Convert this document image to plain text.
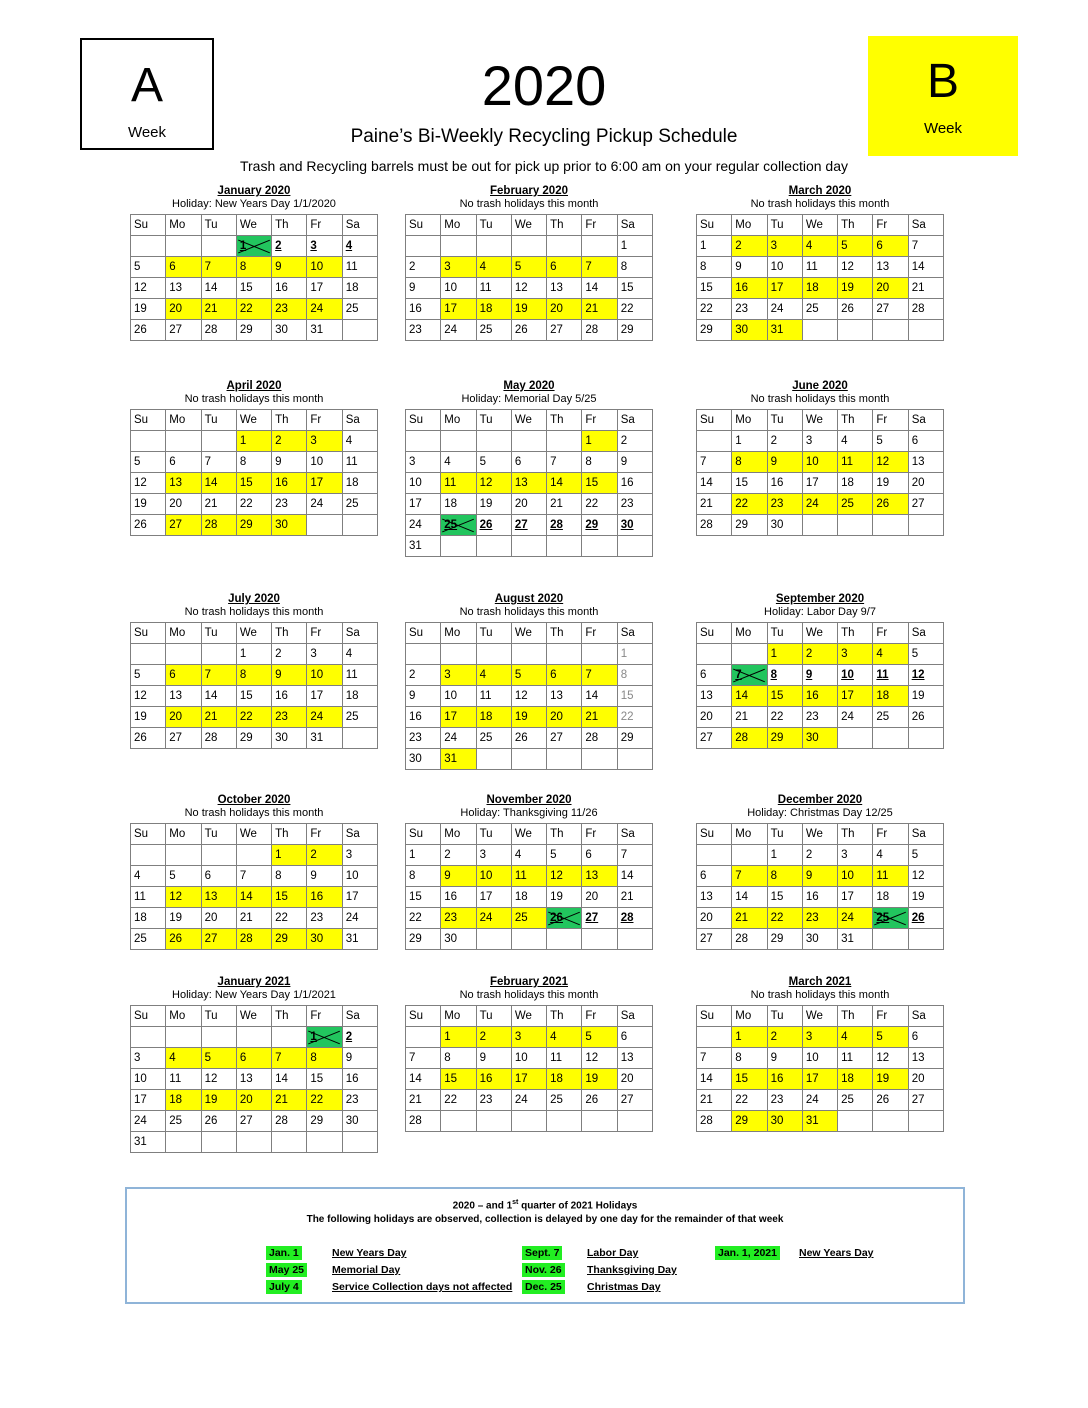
A
Week
2020	B
Week
Paine’s Bi-Weekly Recycling Pickup Schedule
Trash and Recycling barrels must be out for pick up prior to 6:00 am on your regular collection day
January 2020
Holiday: New Years Day 1/1/2020
Su	Mo	Tu	We	Th	Fr	Sa
			1	2	3	4
5	6	7	8	9	10	11
12	13	14	15	16	17	18
19	20	21	22	23	24	25
26	27	28	29	30	31	
February 2020
No trash holidays this month
Su	Mo	Tu	We	Th	Fr	Sa
						1
2	3	4	5	6	7	8
9	10	11	12	13	14	15
16	17	18	19	20	21	22
23	24	25	26	27	28	29
March 2020
No trash holidays this month
Su	Mo	Tu	We	Th	Fr	Sa
1	2	3	4	5	6	7
8	9	10	11	12	13	14
15	16	17	18	19	20	21
22	23	24	25	26	27	28
29	30	31				
April 2020
No trash holidays this month
Su	Mo	Tu	We	Th	Fr	Sa
			1	2	3	4
5	6	7	8	9	10	11
12	13	14	15	16	17	18
19	20	21	22	23	24	25
26	27	28	29	30		
May 2020
Holiday: Memorial Day 5/25
Su	Mo	Tu	We	Th	Fr	Sa
					1	2
3	4	5	6	7	8	9
10	11	12	13	14	15	16
17	18	19	20	21	22	23
24	25	26	27	28	29	30
31						
June 2020
No trash holidays this month
Su	Mo	Tu	We	Th	Fr	Sa
	1	2	3	4	5	6
7	8	9	10	11	12	13
14	15	16	17	18	19	20
21	22	23	24	25	26	27
28	29	30				
July 2020
No trash holidays this month
Su	Mo	Tu	We	Th	Fr	Sa
			1	2	3	4
5	6	7	8	9	10	11
12	13	14	15	16	17	18
19	20	21	22	23	24	25
26	27	28	29	30	31	
August 2020
No trash holidays this month
Su	Mo	Tu	We	Th	Fr	Sa
						1
2	3	4	5	6	7	8
9	10	11	12	13	14	15
16	17	18	19	20	21	22
23	24	25	26	27	28	29
30	31					
September 2020
Holiday: Labor Day 9/7
Su	Mo	Tu	We	Th	Fr	Sa
		1	2	3	4	5
6	7	8	9	10	11	12
13	14	15	16	17	18	19
20	21	22	23	24	25	26
27	28	29	30			
October 2020
No trash holidays this month
Su	Mo	Tu	We	Th	Fr	Sa
				1	2	3
4	5	6	7	8	9	10
11	12	13	14	15	16	17
18	19	20	21	22	23	24
25	26	27	28	29	30	31
November 2020
Holiday: Thanksgiving 11/26
Su	Mo	Tu	We	Th	Fr	Sa
1	2	3	4	5	6	7
8	9	10	11	12	13	14
15	16	17	18	19	20	21
22	23	24	25	26	27	28
29	30					
December 2020
Holiday: Christmas Day 12/25
Su	Mo	Tu	We	Th	Fr	Sa
		1	2	3	4	5
6	7	8	9	10	11	12
13	14	15	16	17	18	19
20	21	22	23	24	25	26
27	28	29	30	31		
January 2021
Holiday: New Years Day 1/1/2021
Su	Mo	Tu	We	Th	Fr	Sa
					1	2
3	4	5	6	7	8	9
10	11	12	13	14	15	16
17	18	19	20	21	22	23
24	25	26	27	28	29	30
31						
February 2021
No trash holidays this month
Su	Mo	Tu	We	Th	Fr	Sa
	1	2	3	4	5	6
7	8	9	10	11	12	13
14	15	16	17	18	19	20
21	22	23	24	25	26	27
28						
March 2021
No trash holidays this month
Su	Mo	Tu	We	Th	Fr	Sa
	1	2	3	4	5	6
7	8	9	10	11	12	13
14	15	16	17	18	19	20
21	22	23	24	25	26	27
28	29	30	31			
2020 – and 1st quarter of 2021 Holidays
The following holidays are observed, collection is delayed by one day for the remainder of that week
Jan. 1	New Years Day
May 25	Memorial Day
July 4	Service Collection days not affected
Sept. 7	Labor Day
Nov. 26 Thanksgiving Day
Dec. 25 Christmas Day
Jan. 1, 2021 New Years Day
